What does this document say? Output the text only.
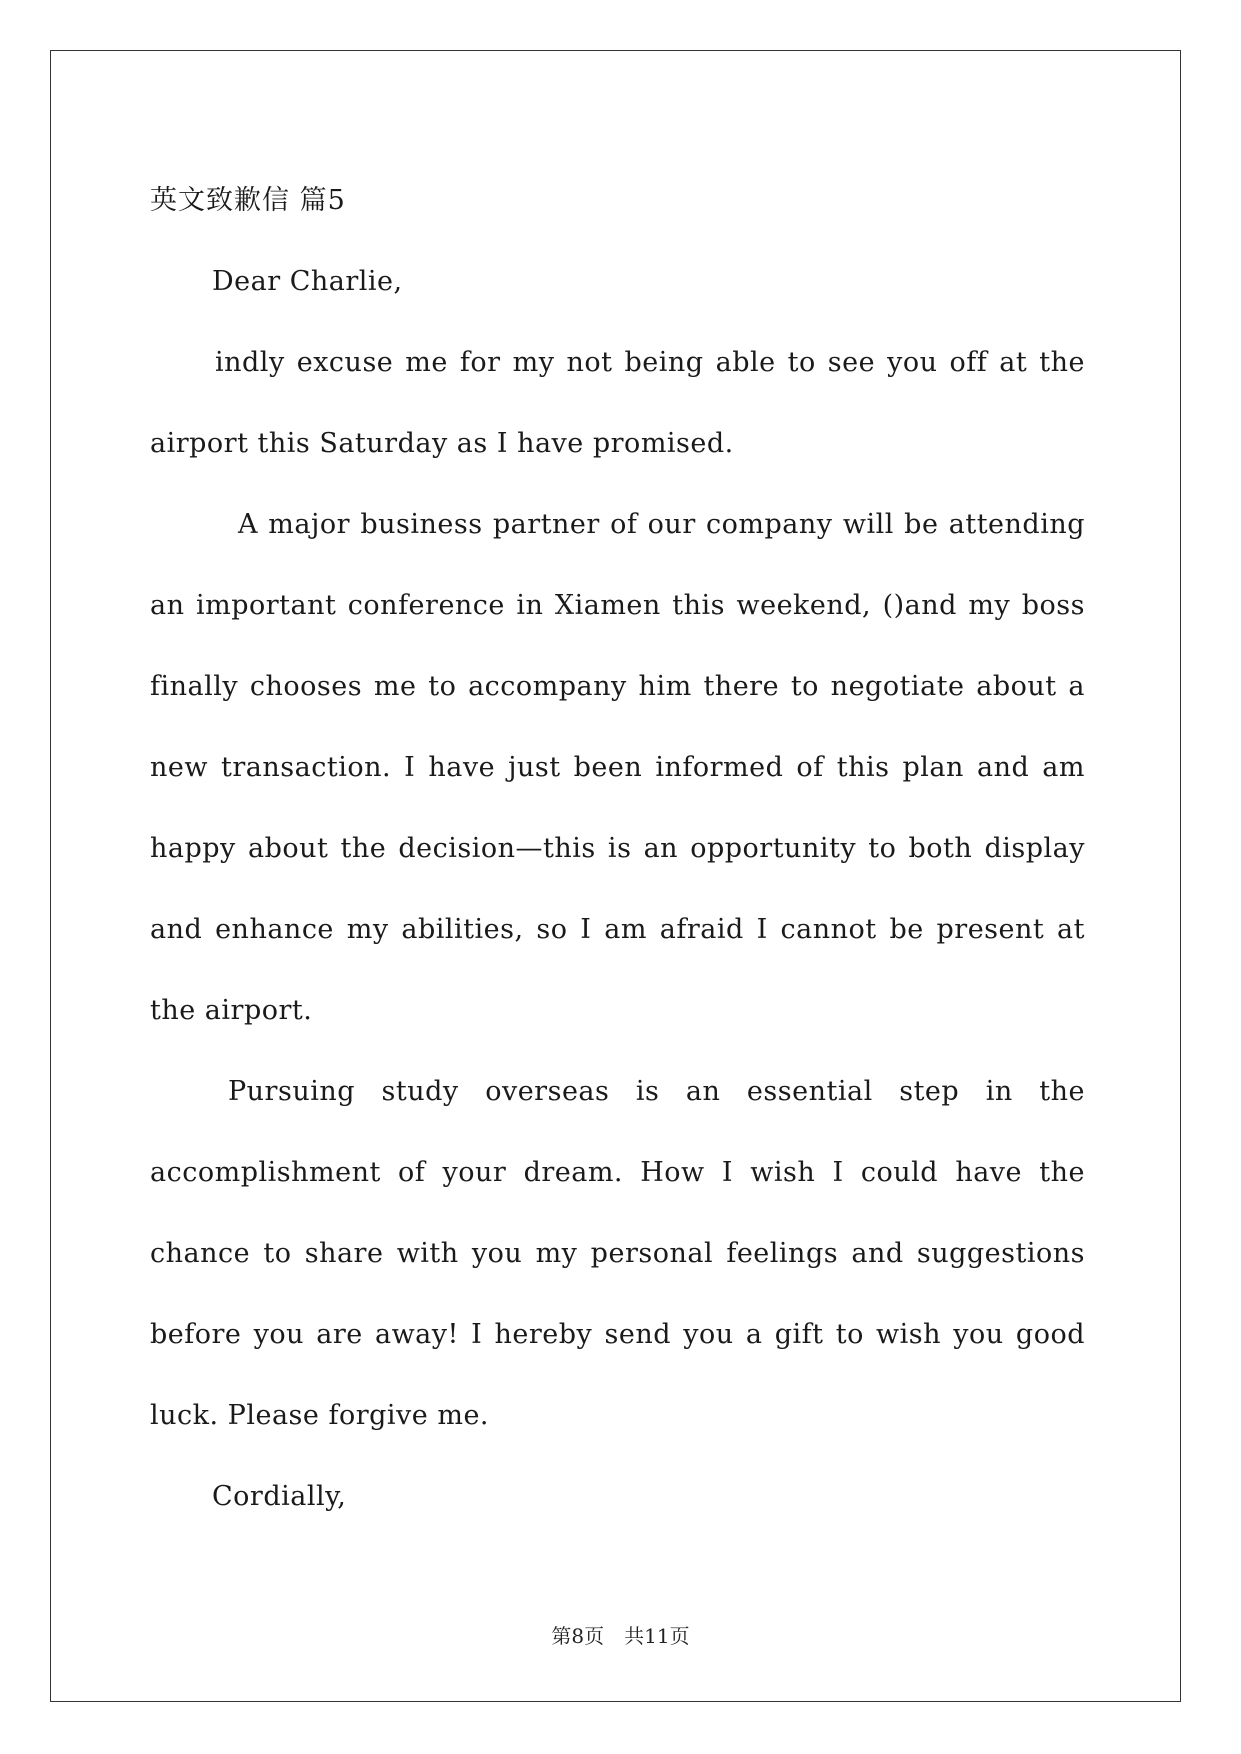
英文致歉信 篇5

Dear Charlie,

indly excuse me for my not being able to see you off at the airport this Saturday as I have promised.

A major business partner of our company will be attending an important conference in Xiamen this weekend, ()and my boss finally chooses me to accompany him there to negotiate about a new transaction. I have just been informed of this plan and am happy about the decision—this is an opportunity to both display and enhance my abilities, so I am afraid I cannot be present at the airport.

Pursuing study overseas is an essential step in the accomplishment of your dream. How I wish I could have the chance to share with you my personal feelings and suggestions before you are away! I hereby send you a gift to wish you good luck. Please forgive me.

Cordially,

第8页　共11页
